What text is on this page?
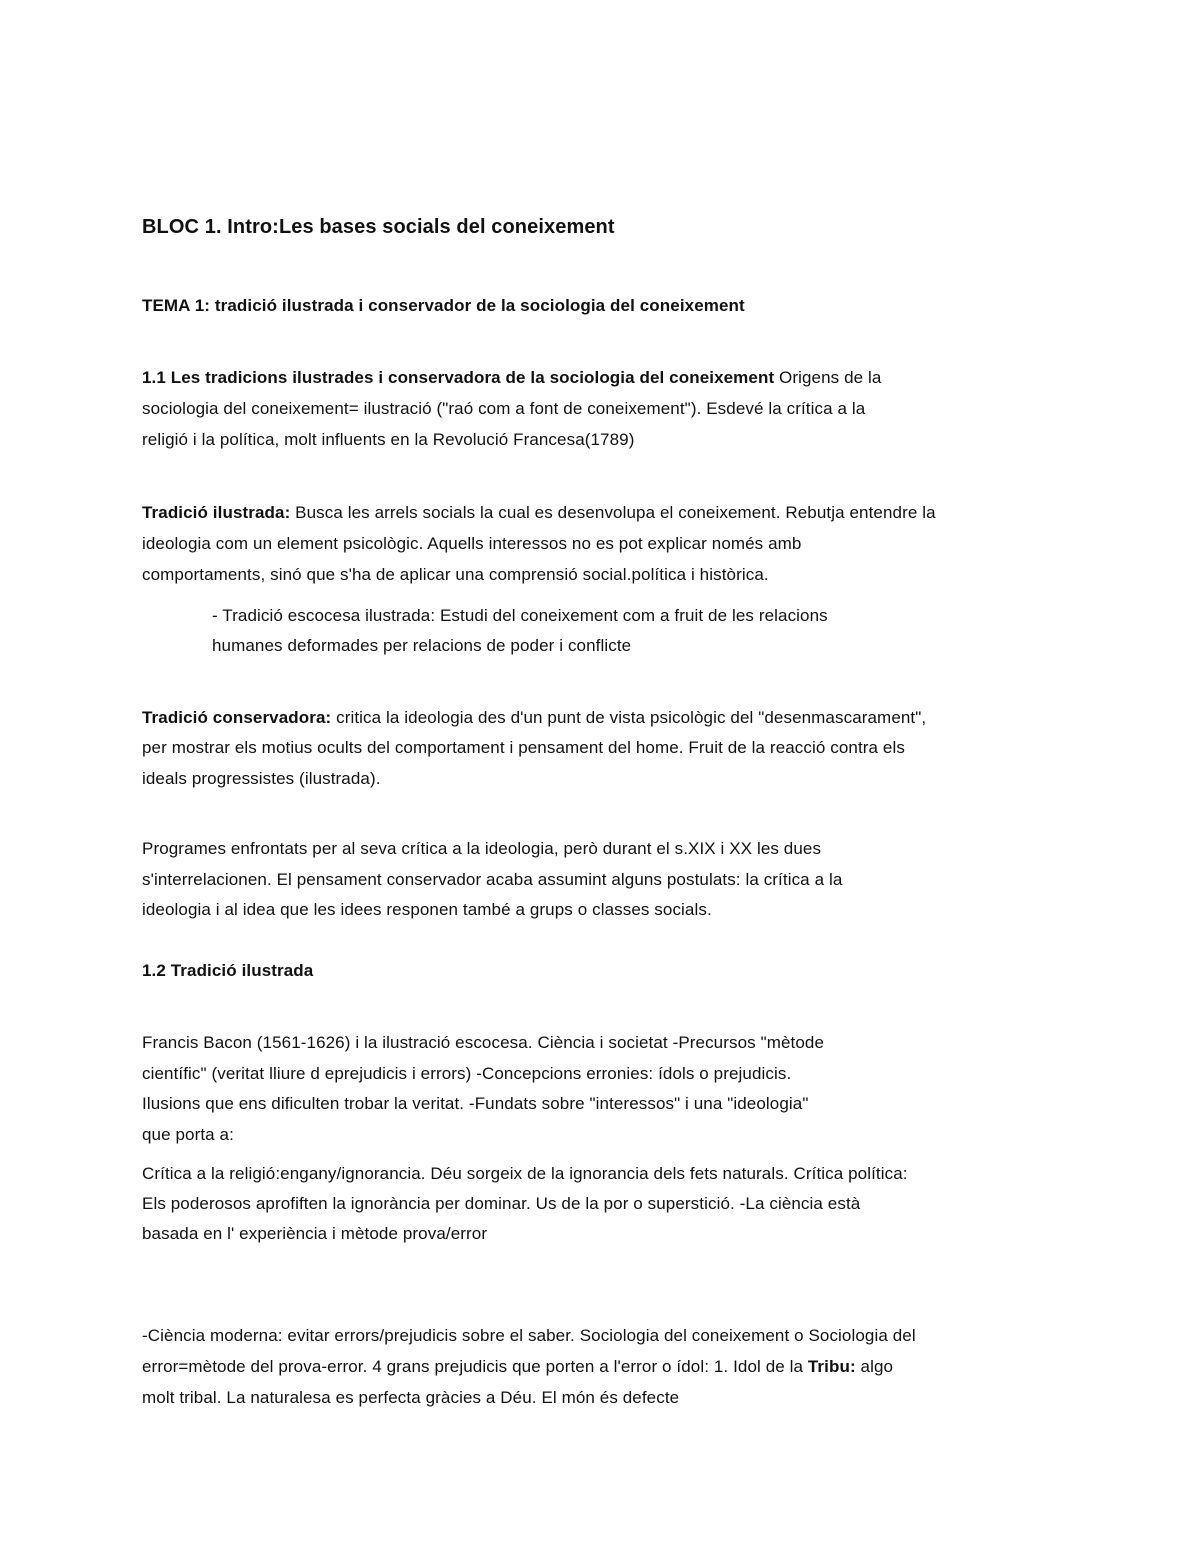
BLOC 1. Intro:Les bases socials del coneixement
TEMA 1: tradició ilustrada i conservador de la sociologia del coneixement
1.1 Les tradicions ilustrades i conservadora de la sociologia del coneixement Origens de la
sociologia del coneixement= ilustració ("raó com a font de coneixement"). Esdevé la crítica a la
religió i la política, molt influents en la Revolució Francesa(1789)
Tradició ilustrada: Busca les arrels socials la cual es desenvolupa el coneixement. Rebutja entendre la
ideologia com un element psicològic. Aquells interessos no es pot explicar només amb
comportaments, sinó que s'ha de aplicar una comprensió social.política i històrica.
- Tradició escocesa ilustrada: Estudi del coneixement com a fruit de les relacions
humanes deformades per relacions de poder i conflicte
Tradició conservadora: critica la ideologia des d'un punt de vista psicològic del "desenmascarament",
per mostrar els motius ocults del comportament i pensament del home. Fruit de la reacció contra els
ideals progressistes (ilustrada).
Programes enfrontats per al seva crítica a la ideologia, però durant el s.XIX i XX les dues
s'interrelacionen. El pensament conservador acaba assumint alguns postulats: la crítica a la
ideologia i al idea que les idees responen també a grups o classes socials.
1.2 Tradició ilustrada
Francis Bacon (1561-1626) i la ilustració escocesa. Ciència i societat -Precursos "mètode
científic" (veritat lliure d eprejudicis i errors) -Concepcions erronies: ídols o prejudicis.
Ilusions que ens dificulten trobar la veritat. -Fundats sobre "interessos" i una "ideologia"
que porta a:
Crítica a la religió:engany/ignorancia. Déu sorgeix de la ignorancia dels fets naturals. Crítica política:
Els poderosos aprofiften la ignorància per dominar. Us de la por o superstició. -La ciència està
basada en l' experiència i mètode prova/error
-Ciència moderna: evitar errors/prejudicis sobre el saber. Sociologia del coneixement o Sociologia del
error=mètode del prova-error. 4 grans prejudicis que porten a l'error o ídol: 1. Idol de la Tribu: algo
molt tribal. La naturalesa es perfecta gràcies a Déu. El món és defecte
